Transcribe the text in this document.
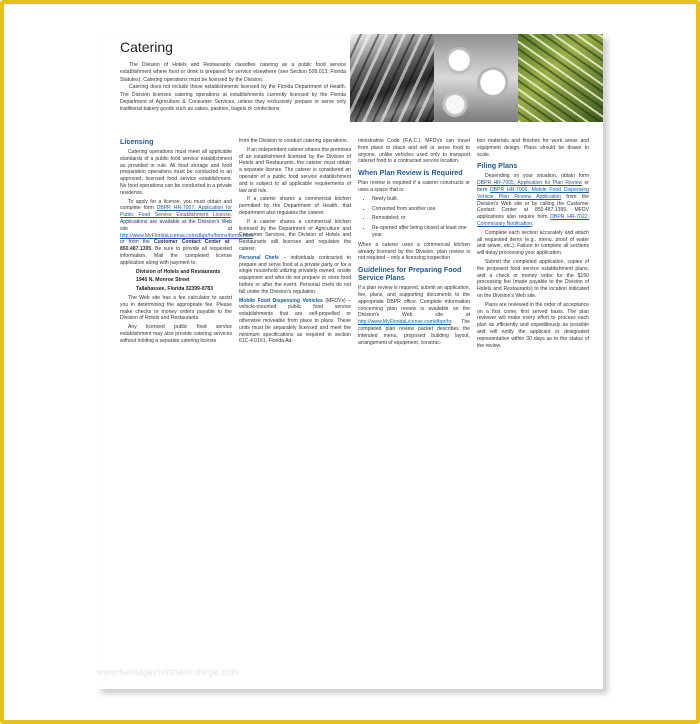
Catering

The Division of Hotels and Restaurants classifies catering as a public food service establishment where food or drink is prepared for service elsewhere (see Section 509.013, Florida Statutes). Catering operations must be licensed by the Division.

Catering does not include those establishments licensed by the Florida Department of Health. The Division licenses catering operations at establishments currently licensed by the Florida Department of Agriculture & Consumer Services, unless they exclusively prepare or serve only traditional bakery goods such as cakes, pastries, bagels or confections.

Licensing

Catering operations must meet all applicable standards of a public food service establishment as provided in rule. All food storage and food preparation operations must be conducted in an approved, licensed food service establishment. No food operations can be conducted in a private residence.

To apply for a license, you must obtain and complete form DBPR HR-7007, Application for Public Food Service Establishment License. Applications are available at the Division's Web site at http://www.MyFloridaLicense.com/dbpr/hr/forms/forms.html or from the Customer Contact Center at 850.487.1395. Be sure to provide all requested information. Mail the completed license application along with payment to:

Division of Hotels and Restaurants

1940 N. Monroe Street

Tallahassee, Florida 32399-0783

The Web site has a fee calculator to assist you in determining the appropriate fee. Please make checks or money orders payable to the Division of Hotels and Restaurants.

Any licensed public food service establishment may also provide catering services without holding a separate catering license

from the Division to conduct catering operations.

If an independent caterer shares the premises of an establishment licensed by the Division of Hotels and Restaurants, the caterer must obtain a separate license. The caterer is considered an operator of a public food service establishment and is subject to all applicable requirements of law and rule.

If a caterer shares a commercial kitchen permitted by the Department of Health, that department also regulates the caterer.

If a caterer shares a commercial kitchen licensed by the Department of Agriculture and Consumer Services, the Division of Hotels and Restaurants still licenses and regulates the caterer.

Personal Chefs – individuals contracted to prepare and serve food at a private party or for a single household utilizing privately owned, onsite equipment and who do not prepare or store food before or after the event. Personal chefs do not fall under the Division's regulation.

Mobile Food Dispensing Vehicles (MFDVs) – vehicle-mounted public food service establishments that are self-propelled or otherwise moveable from place to place. These units must be separately licensed and meet the minimum specifications as required in section 61C-4.0161, Florida Ad-

ministrative Code (F.A.C.). MFDVs can travel from place to place and sell or serve food to anyone, unlike vehicles used only to transport catered food to a contracted service location.

When Plan Review is Required

Plan review is required if a caterer constructs or uses a space that is:

• Newly built.
• Converted from another use.
• Remodeled; or
• Re-opened after being closed at least one year.

When a caterer uses a commercial kitchen already licensed by the Division, plan review is not required – only a licensing inspection.

Guidelines for Preparing Food Service Plans

If a plan review is required, submit an application, fee, plans, and supporting documents to the appropriate DBPR office. Complete information concerning plan review is available on the Division's Web site at http://www.MyFloridaLicense.com/dbpr/hr. The completed plan review packet describes the intended menu, proposed building layout, arrangement of equipment, construc-

tion materials and finishes for work areas and equipment design. Plans should be drawn to scale.

Filing Plans

Depending on your situation, obtain form DBPR HR-7005, Application for Plan Review or form DBPR HR-7006, Mobile Food Dispensing Vehicle Plan Review Application from the Division's Web site or by calling the Customer Contact Center at 850.487.1395. MFDV applications also require form DBPR HR-7022, Commissary Notification.

Complete each section accurately and attach all requested items (e.g., menu, proof of water and sewer, etc.). Failure to complete all sections will delay processing your application.

Submit the completed application, copies of the proposed food service establishment plans, and a check or money order for the $150 processing fee (made payable to the Division of Hotels and Restaurants) to the location indicated on the Division's Web site.

Plans are reviewed in the order of acceptance on a first come, first served basis. The plan reviewer will make every effort to process each plan as efficiently and expeditiously as possible and will notify the applicant or designated representative within 30 days as to the status of the review.

www.heritagechristiancollege.com
